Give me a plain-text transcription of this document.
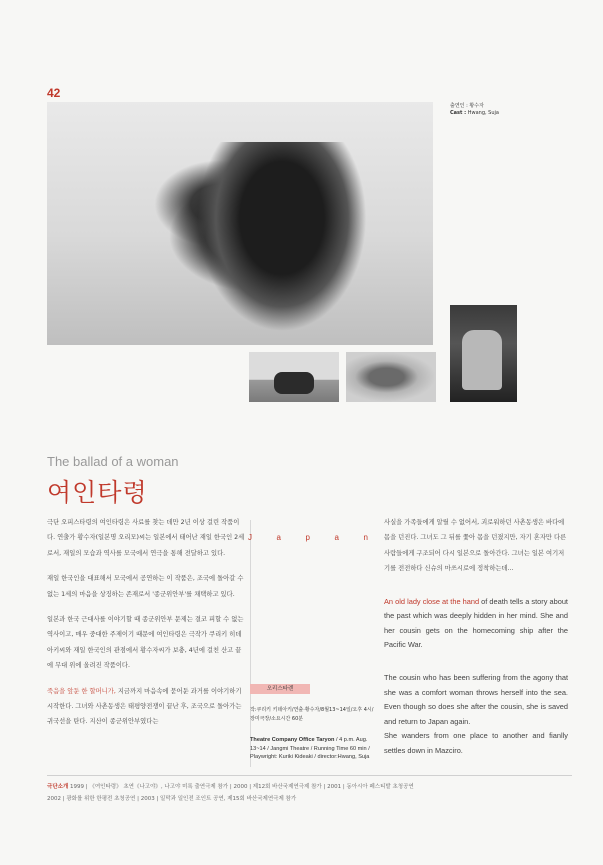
42
출연인 : 황수자
Cast : Hwang, Suja
The ballad of a woman
여인타령

극단 오피스타령의 여인타령은 사료를 찾는 데만 2년 이상 걸린 작품이다. 연출가 황수자(일본명 오리모)씨는 일본에서 태어난 재일 한국인 2세로서, 재일의 모습과 역사를 모국에서 연극을 통해 전달하고 있다.

재일 한국인을 대표해서 모국에서 공연하는 이 작품은, 조국에 돌아갈 수 없는 1세의 마음을 상징하는 존재로서 '종군위안부'를 채택하고 있다.

일본과 한국 근대사를 이야기할 때 종군위안부 문제는 결코 피할 수 없는 역사이고, 매우 중대한 주제이기 때문에 여인타령은 극작가 쿠리키 히데아키씨와 재일 한국인의 관점에서 황수자씨가 보충, 4년에 걸친 산고 끝에 무대 위에 올려진 작품이다.

죽음을 앞둔 한 할머니가, 지금까지 마음속에 묻어둔 과거를 이야기하기 시작한다. 그녀와 사촌동생은 태평양전쟁이 끝난 후, 조국으로 돌아가는 귀국선을 탄다. 지산이 종군위안부였다는

J	a	p	a	n
오리스타렌
작:쿠리키 키데아키/연출·황수자/8월13~14일/오후 4시/장미극장/소요시간 60분
Theatre Company Office Taryon / 4 p.m. Aug. 13~14 / Jangmi Theatre / Running Time 60 min / Playwright: Kuriki Kideaki / director:Hwang, Suja

사실을 가족들에게 알릴 수 없어서, 괴로워하던 사촌동생은 바다에 몸을 던진다. 그녀도 그 뒤를 쫓아 몸을 던졌지만, 자기 혼자만 다른 사람들에게 구조되어 다시 일본으로 돌아간다. 그녀는 일본 여기저기를 전전하다 신슈의 마쓰시로에 정착하는데...

An old lady close at the hand of death tells a story about the past which was deeply hidden in her mind. She and her cousin gets on the homecoming ship after the Pacific War.

The cousin who has been suffering from the agony that she was a comfort woman throws herself into the sea. Even though so does she after the cousin, she is saved and return to Japan again.

She wanders from one place to another and fianlly settles down in Mazciro.

극단소개 1999 | 《여인타령》 초연《나고야》, 나고야 미록 출연극제 참가 | 2000 | 제12회 바산국제연극제 참가 | 2001 | 동아시아 페스티발 초청공연
2002 | 광화를 위한 한평전 초청공연 | 2003 | 일막과 일인전 조인트 공연, 제15회 바산국제연극제 참가
